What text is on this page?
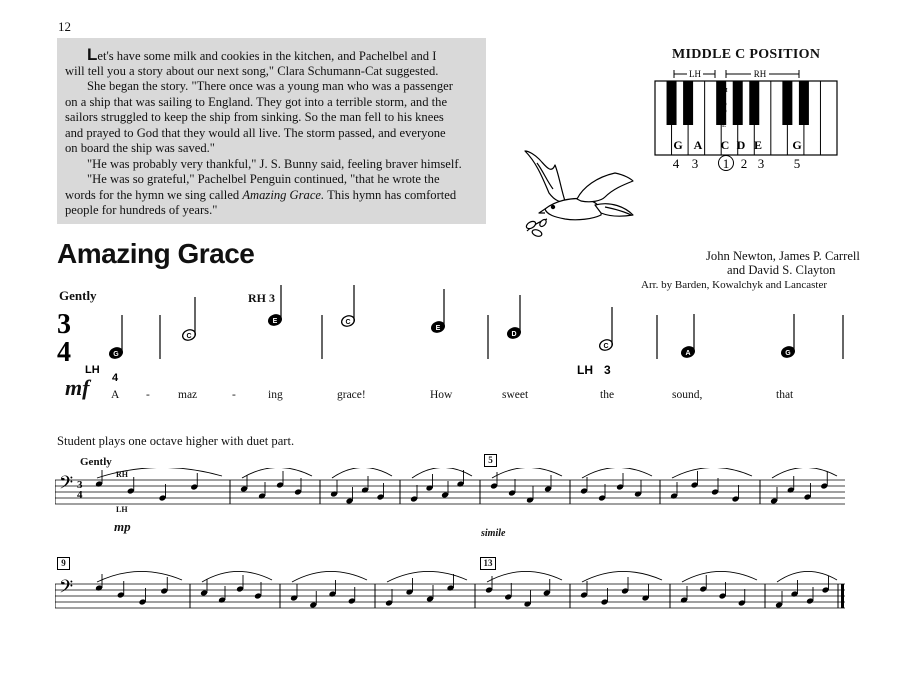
12

Let's have some milk and cookies in the kitchen, and Pachelbel and I

will tell you a story about our next song," Clara Schumann-Cat suggested.

She began the story. "There once was a young man who was a passenger

on a ship that was sailing to England. They got into a terrible storm, and the

sailors struggled to keep the ship from sinking. So the man fell to his knees

and prayed to God that they would all live. The storm passed, and everyone

on board the ship was saved."

"He was probably very thankful," J. S. Bunny said, feeling braver himself.

"He was so grateful," Pachelbel Penguin continued, "that he wrote the

words for the hymn we sing called Amazing Grace. This hymn has comforted

people for hundreds of years."

MIDDLE C POSITION
LH	RH
M I D D L E
G A C D E	G
4 3 1 2 3 5
Amazing Grace	John Newton, James P. Carrell
and David S. Clayton
Arr. by Barden, Kowalchyk and Lancaster
Gently	RH 3
3
4
LH
4
G
C
E	C
E
D
C
A	G
LH 3
mf A - maz	-	ing	grace!	How	sweet	the	sound,	that
Student plays one octave higher with duet part.
Gently
RH
LH
mp	simile
5
9	13
3
4
𝄢
𝄢
